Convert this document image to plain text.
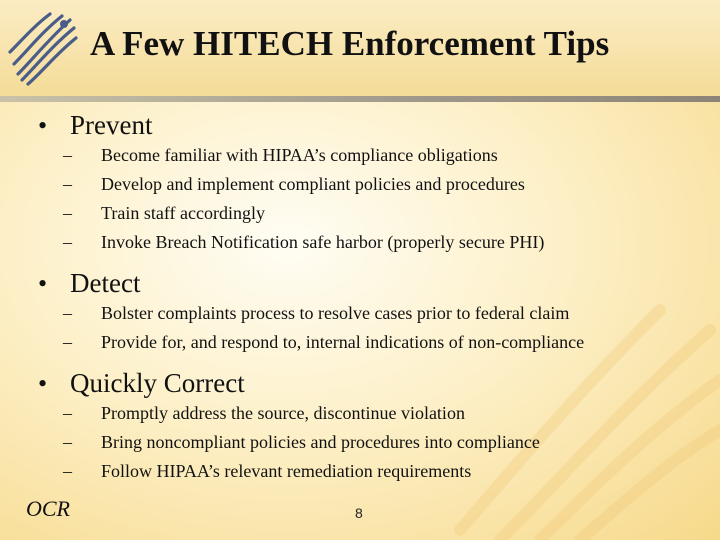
A Few HITECH Enforcement Tips
• Prevent
–	Become familiar with HIPAA’s compliance obligations
–	Develop and implement compliant policies and procedures
–	Train staff accordingly
–	Invoke Breach Notification safe harbor (properly secure PHI)
• Detect
–	Bolster complaints process to resolve cases prior to federal claim
–	Provide for, and respond to, internal indications of non-compliance
• Quickly Correct
–	Promptly address the source, discontinue violation
–	Bring noncompliant policies and procedures into compliance
–	Follow HIPAA’s relevant remediation requirements
OCR	8
